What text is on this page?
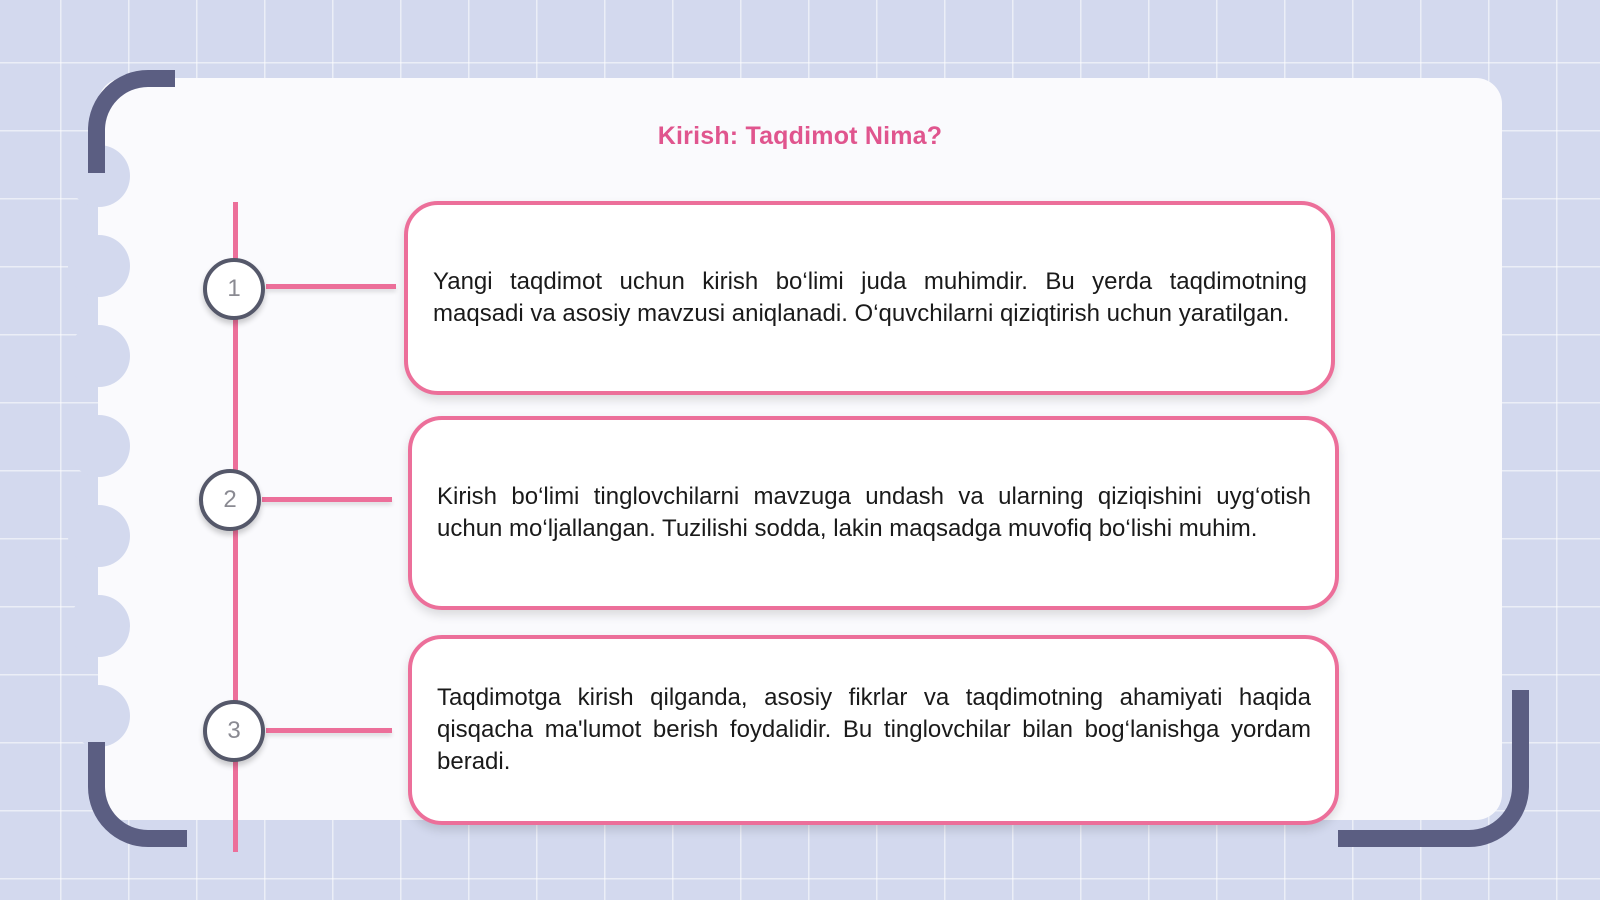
Kirish: Taqdimot Nima?
1
2
3

Yangi taqdimot uchun kirish bo‘limi juda muhimdir. Bu yerda taqdimotning maqsadi va asosiy mavzusi aniqlanadi. O‘quvchilarni qiziqtirish uchun yaratilgan.

Kirish bo‘limi tinglovchilarni mavzuga undash va ularning qiziqishini uyg‘otish uchun mo‘ljallangan. Tuzilishi sodda, lakin maqsadga muvofiq bo‘lishi muhim.

Taqdimotga kirish qilganda, asosiy fikrlar va taqdimotning ahamiyati haqida qisqacha ma'lumot berish foydalidir. Bu tinglovchilar bilan bog‘lanishga yordam beradi.
